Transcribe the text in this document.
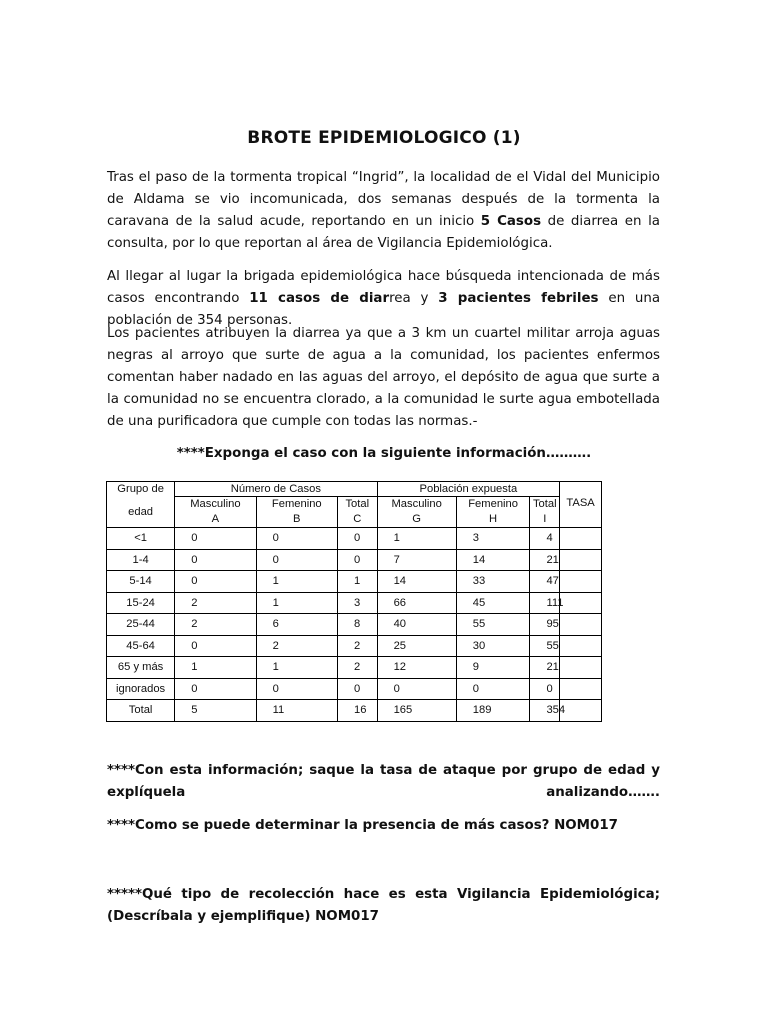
BROTE EPIDEMIOLOGICO (1)

Tras el paso de la tormenta tropical “Ingrid”, la localidad de el Vidal del Municipio de Aldama se vio incomunicada, dos semanas después de la tormenta la caravana de la salud acude, reportando en un inicio 5 Casos de diarrea en la consulta, por lo que reportan al área de Vigilancia Epidemiológica.

Al llegar al lugar la brigada epidemiológica hace búsqueda intencionada de más casos encontrando 11 casos de diarrea y 3 pacientes febriles en una población de 354 personas.

Los pacientes atribuyen la diarrea ya que a 3 km un cuartel militar arroja aguas negras al arroyo que surte de agua a la comunidad, los pacientes enfermos comentan haber nadado en las aguas del arroyo, el depósito de agua que surte a la comunidad no se encuentra clorado, a la comunidad le surte agua embotellada de una purificadora que cumple con todas las normas.-

****Exponga el caso con la siguiente información……….
Grupo de	Número de Casos			Población expuesta			
edad	Masculino	Femenino	Total	Masculino	Femenino	Total	TASA
	A	B	C	G	H	I	
<1	0	0	0	1	3	4	
1-4	0	0	0	7	14	21	
5-14	0	1	1	14	33	47	
15-24	2	1	3	66	45	111	
25-44	2	6	8	40	55	95	
45-64	0	2	2	25	30	55	
65 y más	1	1	2	12	9	21	
ignorados	0	0	0	0	0	0	
Total	5	11	16	165	189	354	

****Con esta información; saque la tasa de ataque por grupo de edad y explíquela analizando…….

****Como se puede determinar la presencia de más casos? NOM017

*****Qué tipo de recolección hace es esta Vigilancia Epidemiológica; (Descríbala y ejemplifique) NOM017
